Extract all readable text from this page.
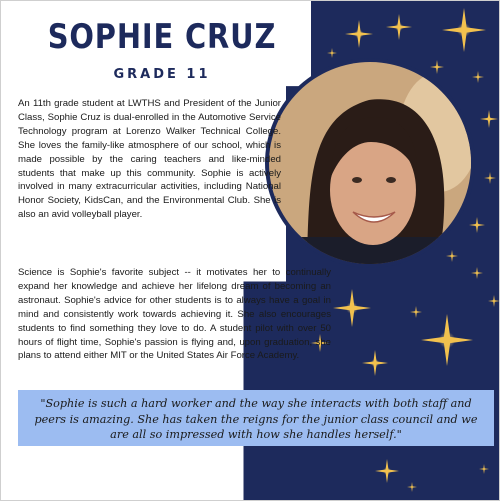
SOPHIE CRUZ
GRADE 11

An 11th grade student at LWTHS and President of the Junior Class, Sophie Cruz is dual-enrolled in the Automotive Service Technology program at Lorenzo Walker Technical College. She loves the family-like atmosphere of our school, which is made possible by the caring teachers and like-minded students that make up this community. Sophie is actively involved in many extracurricular activities, including National Honor Society, KidsCan, and the Environmental Club. She is also an avid volleyball player.

Science is Sophie's favorite subject -- it motivates her to continually expand her knowledge and achieve her lifelong dream of becoming an astronaut. Sophie's advice for other students is to always have a goal in mind and consistently work towards achieving it. She also encourages students to find something they love to do. A student pilot with over 50 hours of flight time, Sophie's passion is flying and, upon graduation, she plans to attend either MIT or the United States Air Force Academy.

"Sophie is such a hard worker and the way she interacts with both staff and peers is amazing. She has taken the reigns for the junior class council and we are all so impressed with how she handles herself."
